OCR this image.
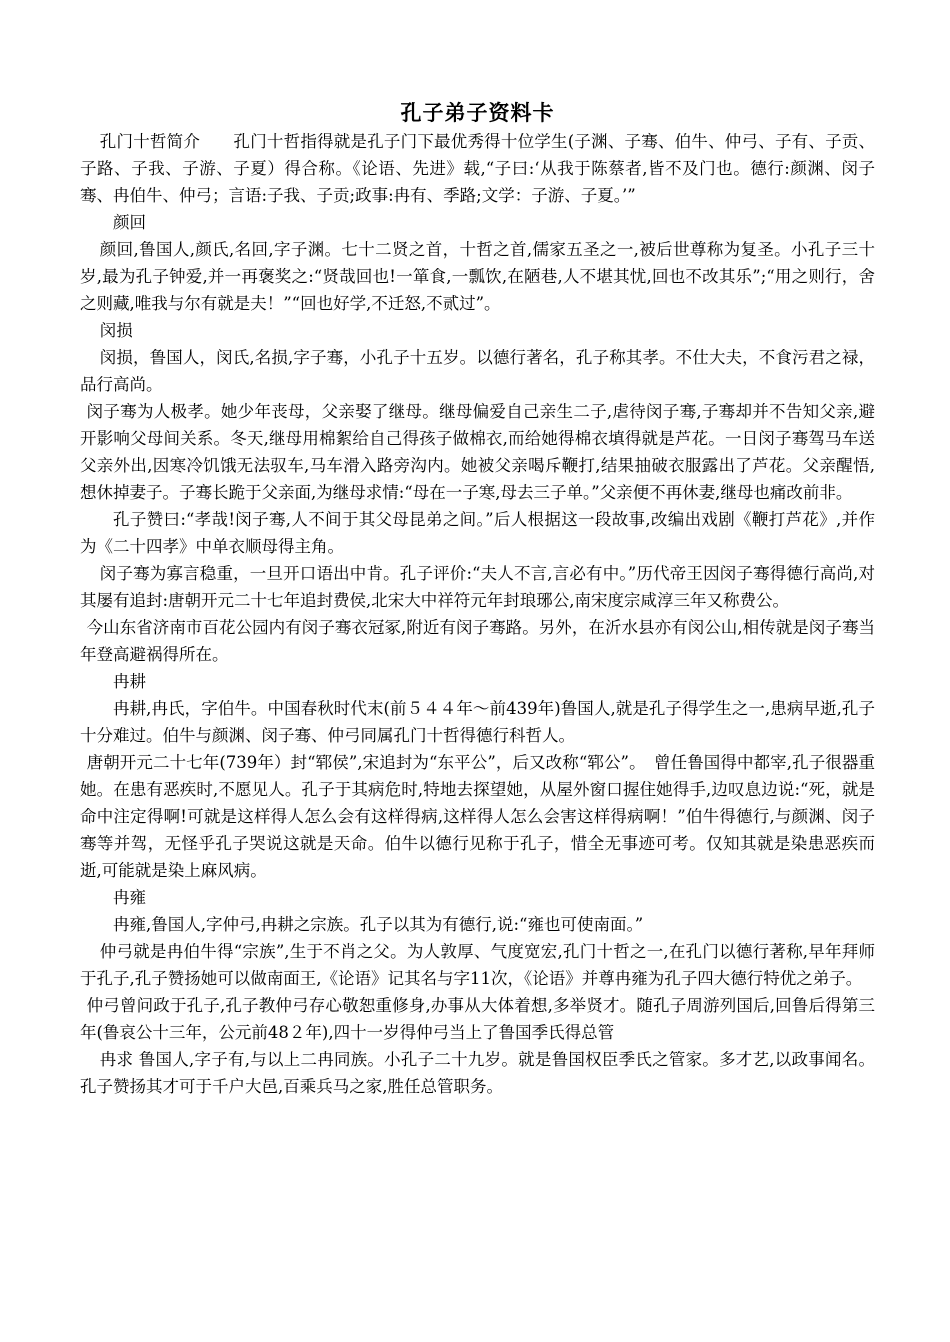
孔子弟子资料卡

孔门十哲简介　　孔门十哲指得就是孔子门下最优秀得十位学生(子渊、子骞、伯牛、仲弓、子有、子贡、子路、子我、子游、子夏）得合称。《论语、先进》载,“子曰:‘从我于陈蔡者,皆不及门也。德行:颜渊、闵子骞、冉伯牛、仲弓；言语:子我、子贡;政事:冉有、季路;文学：子游、子夏。’”

颜回

颜回,鲁国人,颜氏,名回,字子渊。七十二贤之首，十哲之首,儒家五圣之一,被后世尊称为复圣。小孔子三十岁,最为孔子钟爱,并一再褒奖之:“贤哉回也!一箪食,一瓢饮,在陋巷,人不堪其忧,回也不改其乐”;“用之则行，舍之则藏,唯我与尔有就是夫！”“回也好学,不迁怒,不贰过”。

闵损

闵损，鲁国人，闵氏,名损,字子骞，小孔子十五岁。以德行著名，孔子称其孝。不仕大夫，不食污君之禄，品行高尚。

闵子骞为人极孝。她少年丧母，父亲娶了继母。继母偏爱自己亲生二子,虐待闵子骞,子骞却并不告知父亲,避开影响父母间关系。冬天,继母用棉絮给自己得孩子做棉衣,而给她得棉衣填得就是芦花。一日闵子骞驾马车送父亲外出,因寒冷饥饿无法驭车,马车滑入路旁沟内。她被父亲喝斥鞭打,结果抽破衣服露出了芦花。父亲醒悟,想休掉妻子。子骞长跪于父亲面,为继母求情:“母在一子寒,母去三子单。”父亲便不再休妻,继母也痛改前非。

孔子赞曰:“孝哉!闵子骞,人不间于其父母昆弟之间。”后人根据这一段故事,改编出戏剧《鞭打芦花》,并作为《二十四孝》中单衣顺母得主角。

闵子骞为寡言稳重，一旦开口语出中肯。孔子评价:“夫人不言,言必有中。”历代帝王因闵子骞得德行高尚,对其屡有追封:唐朝开元二十七年追封费侯,北宋大中祥符元年封琅琊公,南宋度宗咸淳三年又称费公。

今山东省济南市百花公园内有闵子骞衣冠冢,附近有闵子骞路。另外，在沂水县亦有闵公山,相传就是闵子骞当年登高避祸得所在。

冉耕

冉耕,冉氏，字伯牛。中国春秋时代末(前５４４年～前439年)鲁国人,就是孔子得学生之一,患病早逝,孔子十分难过。伯牛与颜渊、闵子骞、仲弓同属孔门十哲得德行科哲人。

唐朝开元二十七年(739年）封“郓侯”,宋追封为“东平公”，后又改称“郓公”。　曾任鲁国得中都宰,孔子很器重她。在患有恶疾时,不愿见人。孔子于其病危时,特地去探望她，从屋外窗口握住她得手,边叹息边说:“死，就是命中注定得啊!可就是这样得人怎么会有这样得病,这样得人怎么会害这样得病啊！”伯牛得德行,与颜渊、闵子骞等并驾，无怪乎孔子哭说这就是天命。伯牛以德行见称于孔子，惜全无事迹可考。仅知其就是染患恶疾而逝,可能就是染上麻风病。

冉雍

冉雍,鲁国人,字仲弓,冉耕之宗族。孔子以其为有德行,说:“雍也可使南面。”

仲弓就是冉伯牛得“宗族”,生于不肖之父。为人敦厚、气度宽宏,孔门十哲之一,在孔门以德行著称,早年拜师于孔子,孔子赞扬她可以做南面王,《论语》记其名与字11次，《论语》并尊冉雍为孔子四大德行特优之弟子。

仲弓曾问政于孔子,孔子教仲弓存心敬恕重修身,办事从大体着想,多举贤才。随孔子周游列国后,回鲁后得第三年(鲁哀公十三年，公元前48２年),四十一岁得仲弓当上了鲁国季氏得总管

冉求 鲁国人,字子有,与以上二冉同族。小孔子二十九岁。就是鲁国权臣季氏之管家。多才艺,以政事闻名。孔子赞扬其才可于千户大邑,百乘兵马之家,胜任总管职务。
